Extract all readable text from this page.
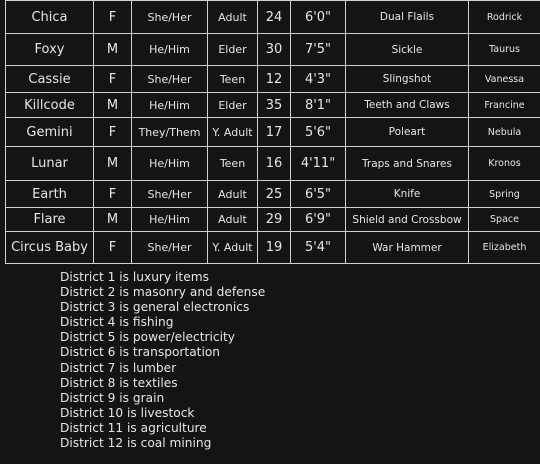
Chica	F	She/Her	Adult	24	6'0"	Dual Flails	Rodrick
Foxy	M	He/Him	Elder	30	7'5"	Sickle	Taurus
Cassie	F	She/Her	Teen	12	4'3"	Slingshot	Vanessa
Killcode	M	He/Him	Elder	35	8'1"	Teeth and Claws	Francine
Gemini	F	They/Them	Y. Adult	17	5'6"	Poleart	Nebula
Lunar	M	He/Him	Teen	16	4'11"	Traps and Snares	Kronos
Earth	F	She/Her	Adult	25	6'5"	Knife	Spring
Flare	M	He/Him	Adult	29	6'9"	Shield and Crossbow	Space
Circus Baby	F	She/Her	Y. Adult	19	5'4"	War Hammer	Elizabeth
District 1 is luxury items
District 2 is masonry and defense
District 3 is general electronics
District 4 is fishing
District 5 is power/electricity
District 6 is transportation
District 7 is lumber
District 8 is textiles
District 9 is grain
District 10 is livestock
District 11 is agriculture
District 12 is coal mining
